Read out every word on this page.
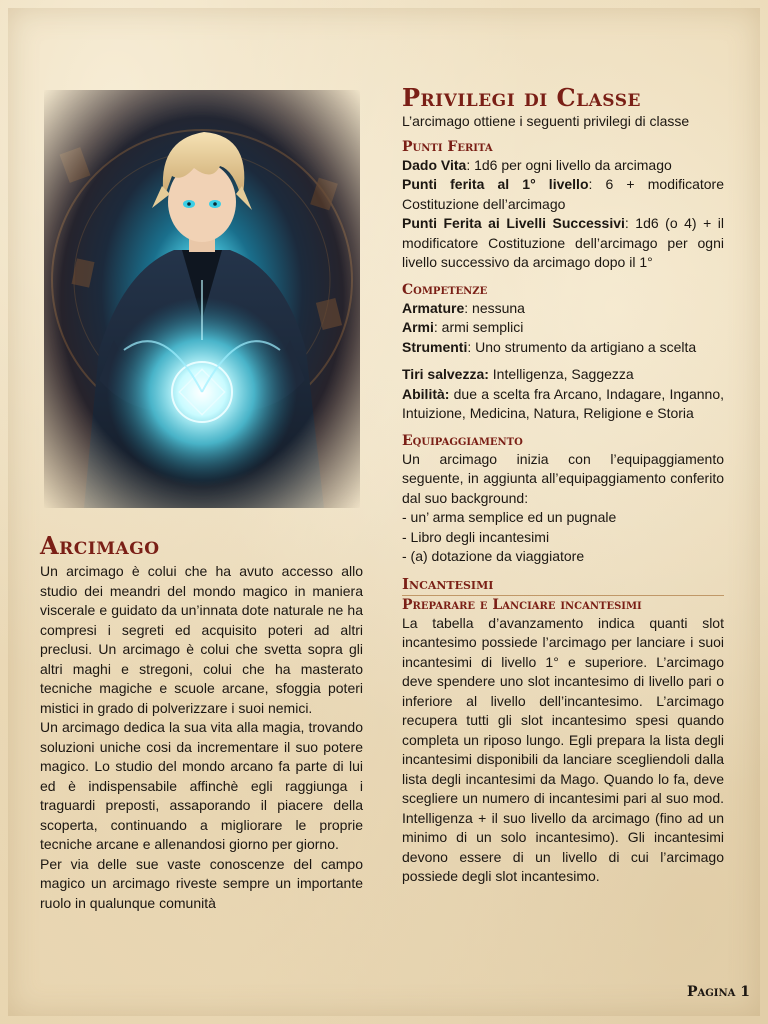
Arcimago

Un arcimago è colui che ha avuto accesso allo studio dei meandri del mondo magico in maniera viscerale e guidato da un’innata dote naturale ne ha compresi i segreti ed acquisito poteri ad altri preclusi. Un arcimago è colui che svetta sopra gli altri maghi e stregoni, colui che ha masterato tecniche magiche e scuole arcane, sfoggia poteri mistici in grado di polverizzare i suoi nemici.

Un arcimago dedica la sua vita alla magia, trovando soluzioni uniche cosi da incrementare il suo potere magico. Lo studio del mondo arcano fa parte di lui ed è indispensabile affinchè egli raggiunga i traguardi preposti, assaporando il piacere della scoperta, continuando a migliorare le proprie tecniche arcane e allenandosi giorno per giorno.

Per via delle sue vaste conoscenze del campo magico un arcimago riveste sempre un importante ruolo in qualunque comunità

Privilegi di Classe

L’arcimago ottiene i seguenti privilegi di classe

Punti Ferita

Dado Vita: 1d6 per ogni livello da arcimago

Punti ferita al 1° livello: 6 + modificatore Costituzione dell’arcimago

Punti Ferita ai Livelli Successivi: 1d6 (o 4) + il modificatore Costituzione dell’arcimago per ogni livello successivo da arcimago dopo il 1°

Competenze

Armature: nessuna

Armi: armi semplici

Strumenti: Uno strumento da artigiano a scelta

Tiri salvezza: Intelligenza, Saggezza

Abilità: due a scelta fra Arcano, Indagare, Inganno, Intuizione, Medicina, Natura, Religione e Storia

Equipaggiamento

Un arcimago inizia con l’equipaggiamento seguente, in aggiunta all’equipaggiamento conferito dal suo background:

- un’ arma semplice ed un pugnale

- Libro degli incantesimi

- (a) dotazione da viaggiatore

Incantesimi
Preparare e Lanciare incantesimi

La tabella d’avanzamento indica quanti slot incantesimo possiede l’arcimago per lanciare i suoi incantesimi di livello 1° e superiore. L’arcimago deve spendere uno slot incantesimo di livello pari o inferiore al livello dell’incantesimo. L’arcimago recupera tutti gli slot incantesimo spesi quando completa un riposo lungo. Egli prepara la lista degli incantesimi disponibili da lanciare scegliendoli dalla lista degli incantesimi da Mago. Quando lo fa, deve scegliere un numero di incantesimi pari al suo mod. Intelligenza + il suo livello da arcimago (fino ad un minimo di un solo incantesimo). Gli incantesimi devono essere di un livello di cui l’arcimago possiede degli slot incantesimo.

Pagina 1
